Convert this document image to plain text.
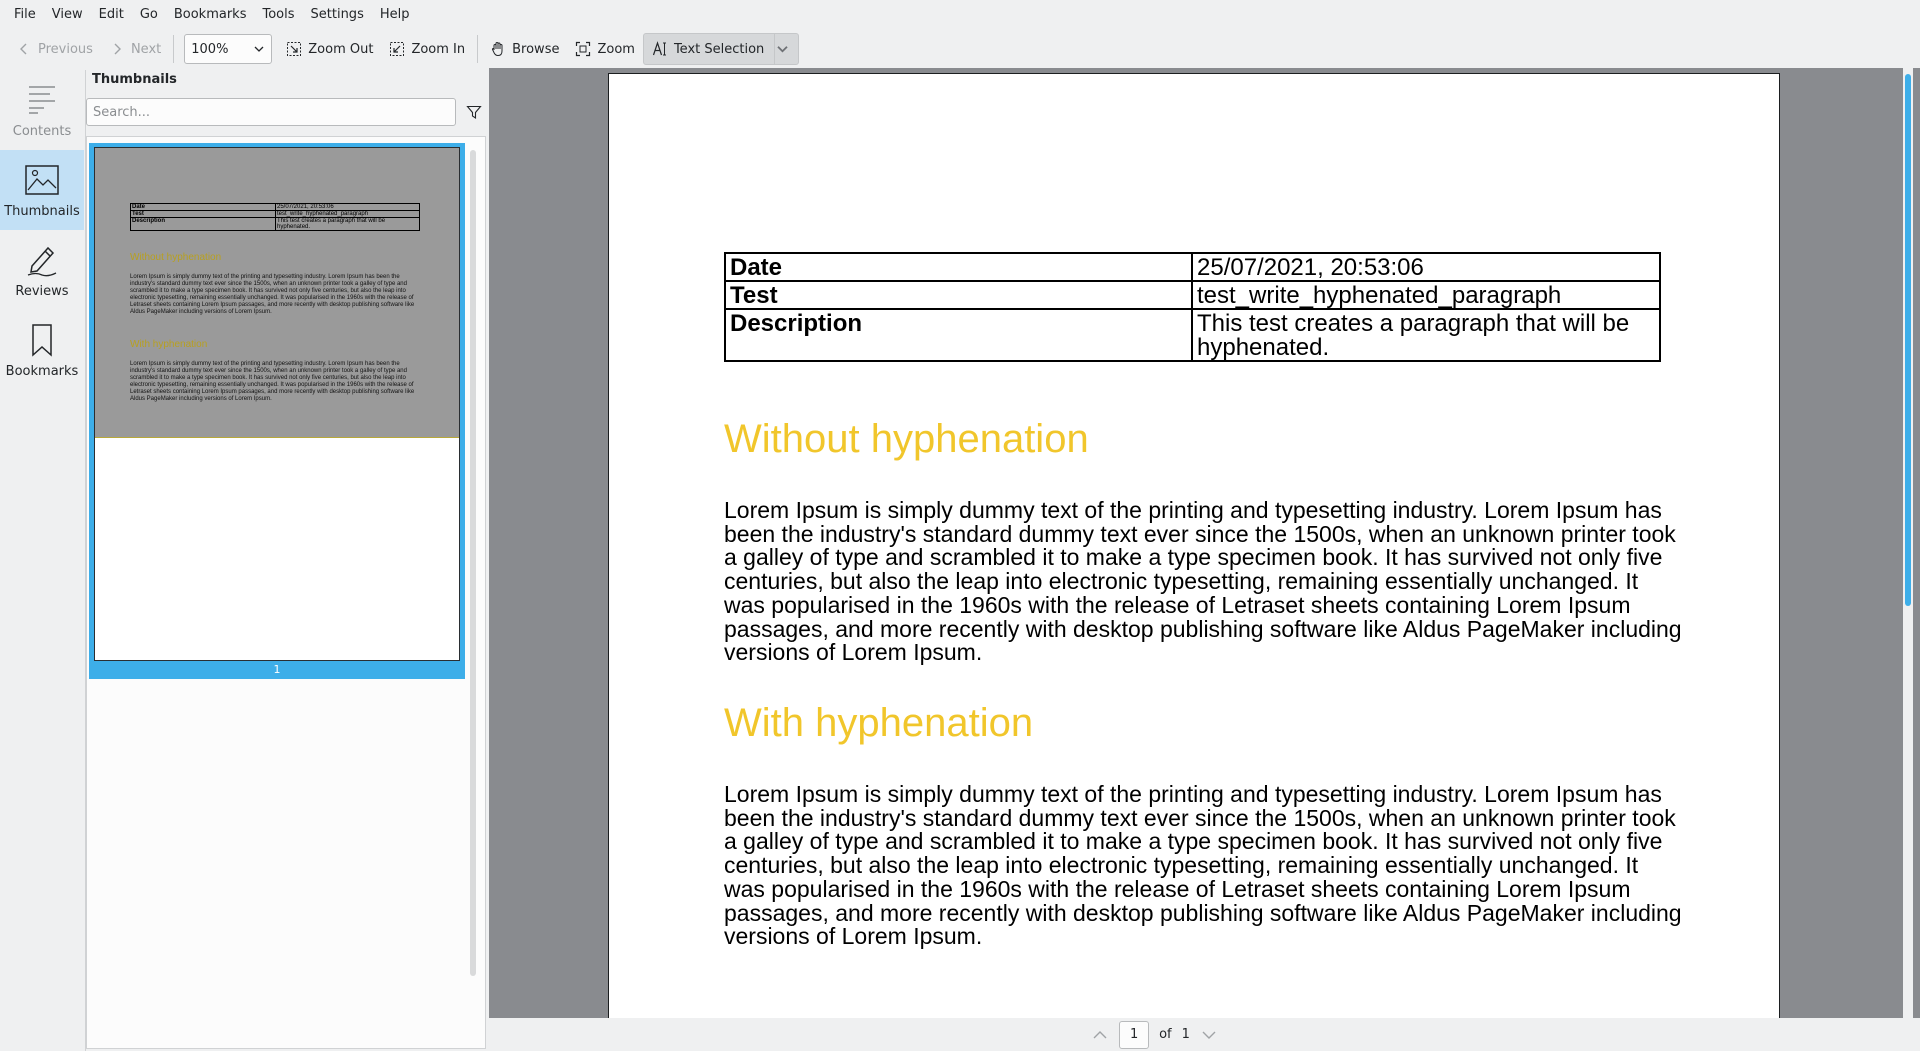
File	View	Edit	Go	Bookmarks	Tools	Settings	Help
Previous	Next 100%	Zoom Out	Zoom In	Browse	Zoom	Text Selection
Contents
Thumbnails
Reviews
Bookmarks
Thumbnails
Search...
Date	25/07/2021, 20:53:06
Test	test_write_hyphenated_paragraph
Description	This test creates a paragraph that will be hyphenated.
Without hyphenation
Lorem Ipsum is simply dummy text of the printing and typesetting industry. Lorem Ipsum has been the industry's standard dummy text ever since the 1500s, when an unknown printer took a galley of type and scrambled it to make a type specimen book. It has survived not only five centuries, but also the leap into electronic typesetting, remaining essentially unchanged. It was popularised in the 1960s with the release of Letraset sheets containing Lorem Ipsum passages, and more recently with desktop publishing software like Aldus PageMaker including versions of Lorem Ipsum.
With hyphenation
Lorem Ipsum is simply dummy text of the printing and typesetting industry. Lorem Ipsum has been the industry's standard dummy text ever since the 1500s, when an unknown printer took a galley of type and scrambled it to make a type specimen book. It has survived not only five centuries, but also the leap into electronic typesetting, remaining essentially unchanged. It was popularised in the 1960s with the release of Letraset sheets containing Lorem Ipsum passages, and more recently with desktop publishing software like Aldus PageMaker including versions of Lorem Ipsum.
1
Date	25/07/2021, 20:53:06
Test	test_write_hyphenated_paragraph
Description	This test creates a paragraph that will be hyphenated.
Without hyphenation

Lorem Ipsum is simply dummy text of the printing and typesetting industry. Lorem Ipsum has been the industry's standard dummy text ever since the 1500s, when an unknown printer took a galley of type and scrambled it to make a type specimen book. It has survived not only five centuries, but also the leap into electronic typesetting, remaining essentially unchanged. It was popularised in the 1960s with the release of Letraset sheets containing Lorem Ipsum passages, and more recently with desktop publishing software like Aldus PageMaker including versions of Lorem Ipsum.

With hyphenation

Lorem Ipsum is simply dummy text of the printing and typesetting industry. Lorem Ipsum has been the industry's standard dummy text ever since the 1500s, when an unknown printer took a galley of type and scrambled it to make a type specimen book. It has survived not only five centuries, but also the leap into electronic typesetting, remaining essentially unchanged. It was popularised in the 1960s with the release of Letraset sheets containing Lorem Ipsum passages, and more recently with desktop publishing software like Aldus PageMaker including versions of Lorem Ipsum.

1	of 1
